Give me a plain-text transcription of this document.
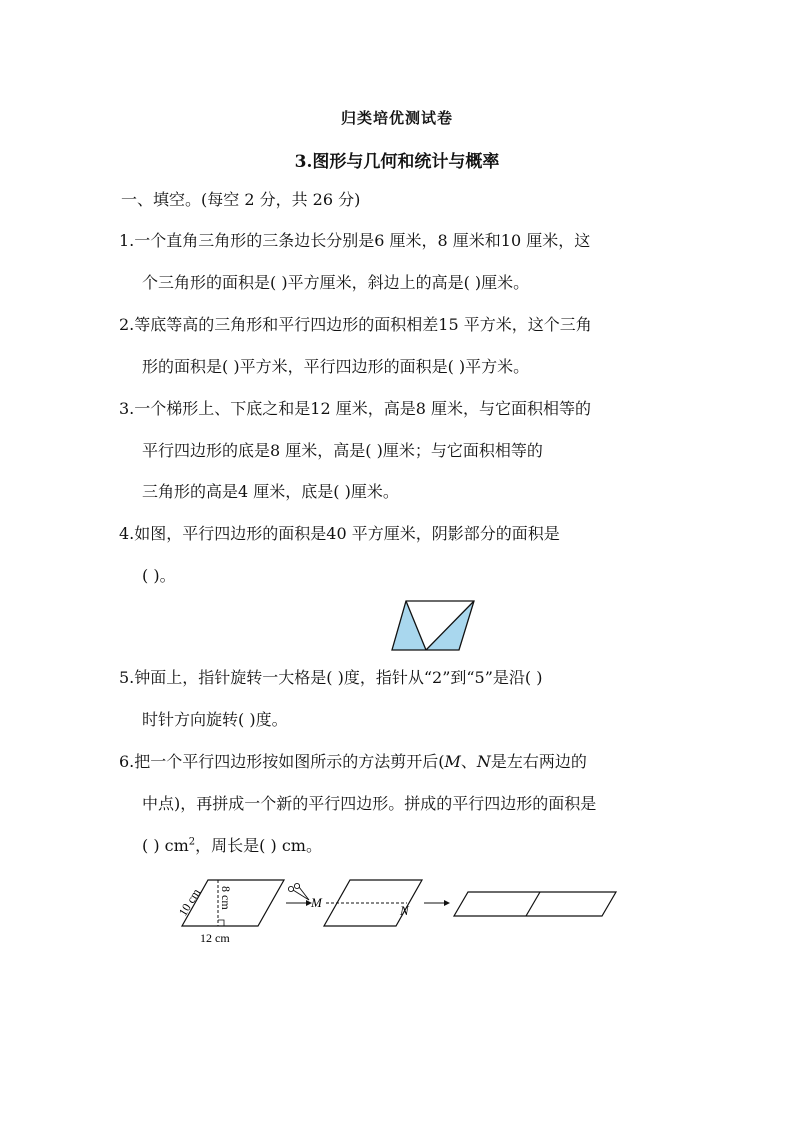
归类培优测试卷
3.图形与几何和统计与概率
一、填空。(每空 2 分，共 26 分)
1.一个直角三角形的三条边长分别是6 厘米，8 厘米和10 厘米，这
个三角形的面积是( )平方厘米，斜边上的高是( )厘米。
2.等底等高的三角形和平行四边形的面积相差15 平方米，这个三角
形的面积是( )平方米，平行四边形的面积是( )平方米。
3.一个梯形上、下底之和是12 厘米，高是8 厘米，与它面积相等的
平行四边形的底是8 厘米，高是( )厘米；与它面积相等的
三角形的高是4 厘米，底是( )厘米。
4.如图，平行四边形的面积是40 平方厘米，阴影部分的面积是
( )。
5.钟面上，指针旋转一大格是( )度，指针从“2”到“5”是沿( )
时针方向旋转( )度。
6.把一个平行四边形按如图所示的方法剪开后(M、N是左右两边的
中点)，再拼成一个新的平行四边形。拼成的平行四边形的面积是
( ) $cm^2$，周长是( ) cm。
10 cm 8 cm
12 cm
M
N
